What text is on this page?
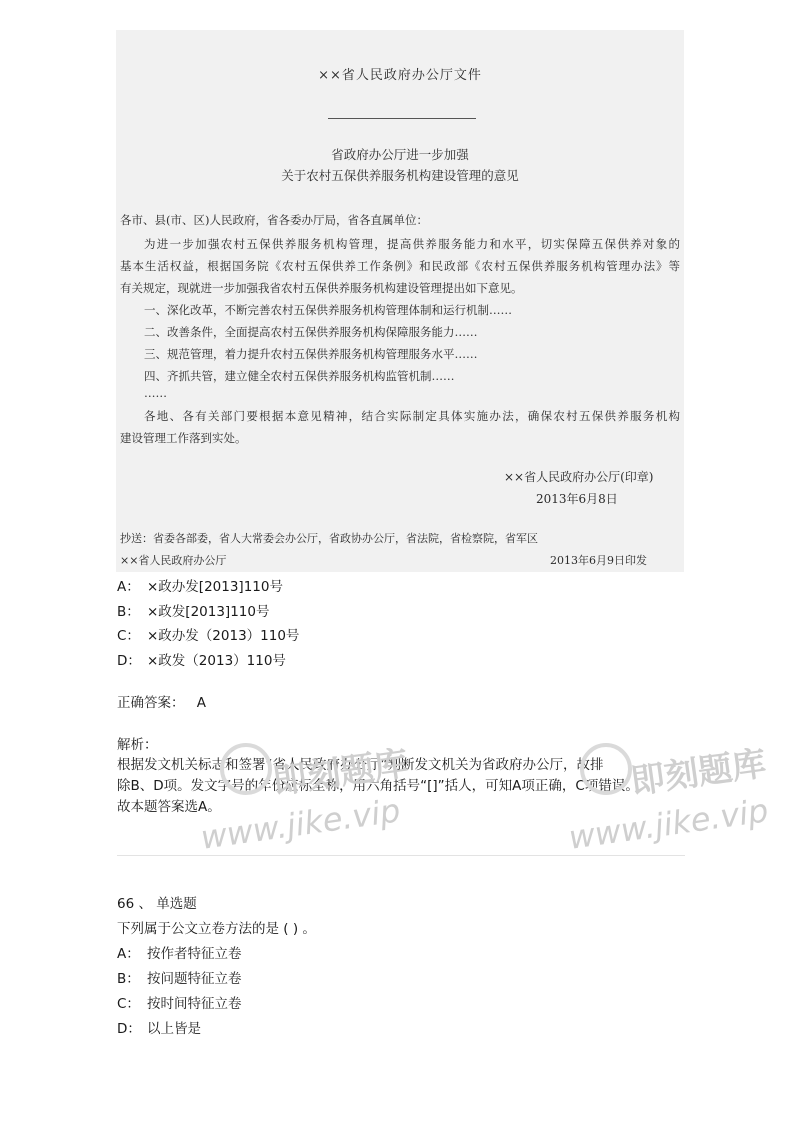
××省人民政府办公厅文件
省政府办公厅进一步加强
关于农村五保供养服务机构建设管理的意见
各市、县(市、区)人民政府，省各委办厅局，省各直属单位：
为进一步加强农村五保供养服务机构管理，提高供养服务能力和水平，切实保障五保供养对象的
基本生活权益，根据国务院《农村五保供养工作条例》和民政部《农村五保供养服务机构管理办法》等
有关规定，现就进一步加强我省农村五保供养服务机构建设管理提出如下意见。
一、深化改革，不断完善农村五保供养服务机构管理体制和运行机制……
二、改善条件，全面提高农村五保供养服务机构保障服务能力……
三、规范管理，着力提升农村五保供养服务机构管理服务水平……
四、齐抓共管，建立健全农村五保供养服务机构监管机制……
……
各地、各有关部门要根据本意见精神，结合实际制定具体实施办法，确保农村五保供养服务机构
建设管理工作落到实处。
××省人民政府办公厅(印章)
2013年6月8日
抄送：省委各部委，省人大常委会办公厅，省政协办公厅，省法院，省检察院，省军区
××省人民政府办公厅	2013年6月9日印发
A： ×政办发[2013]110号
B： ×政发[2013]110号
C： ×政办发（2013）110号
D： ×政发（2013）110号
正确答案： A
解析：
根据发文机关标志和签署“省人民政府办公厅”判断发文机关为省政府办公厅，故排
除B、D项。发文字号的年份应标全称，用六角括号“[]”括人，可知A项正确，C项错误。
故本题答案选A。
即刻题库
www.jike.vip
即刻题库
www.jike.vip
66 、 单选题
下列属于公文立卷方法的是 ( ) 。
A： 按作者特征立卷
B： 按问题特征立卷
C： 按时间特征立卷
D： 以上皆是
